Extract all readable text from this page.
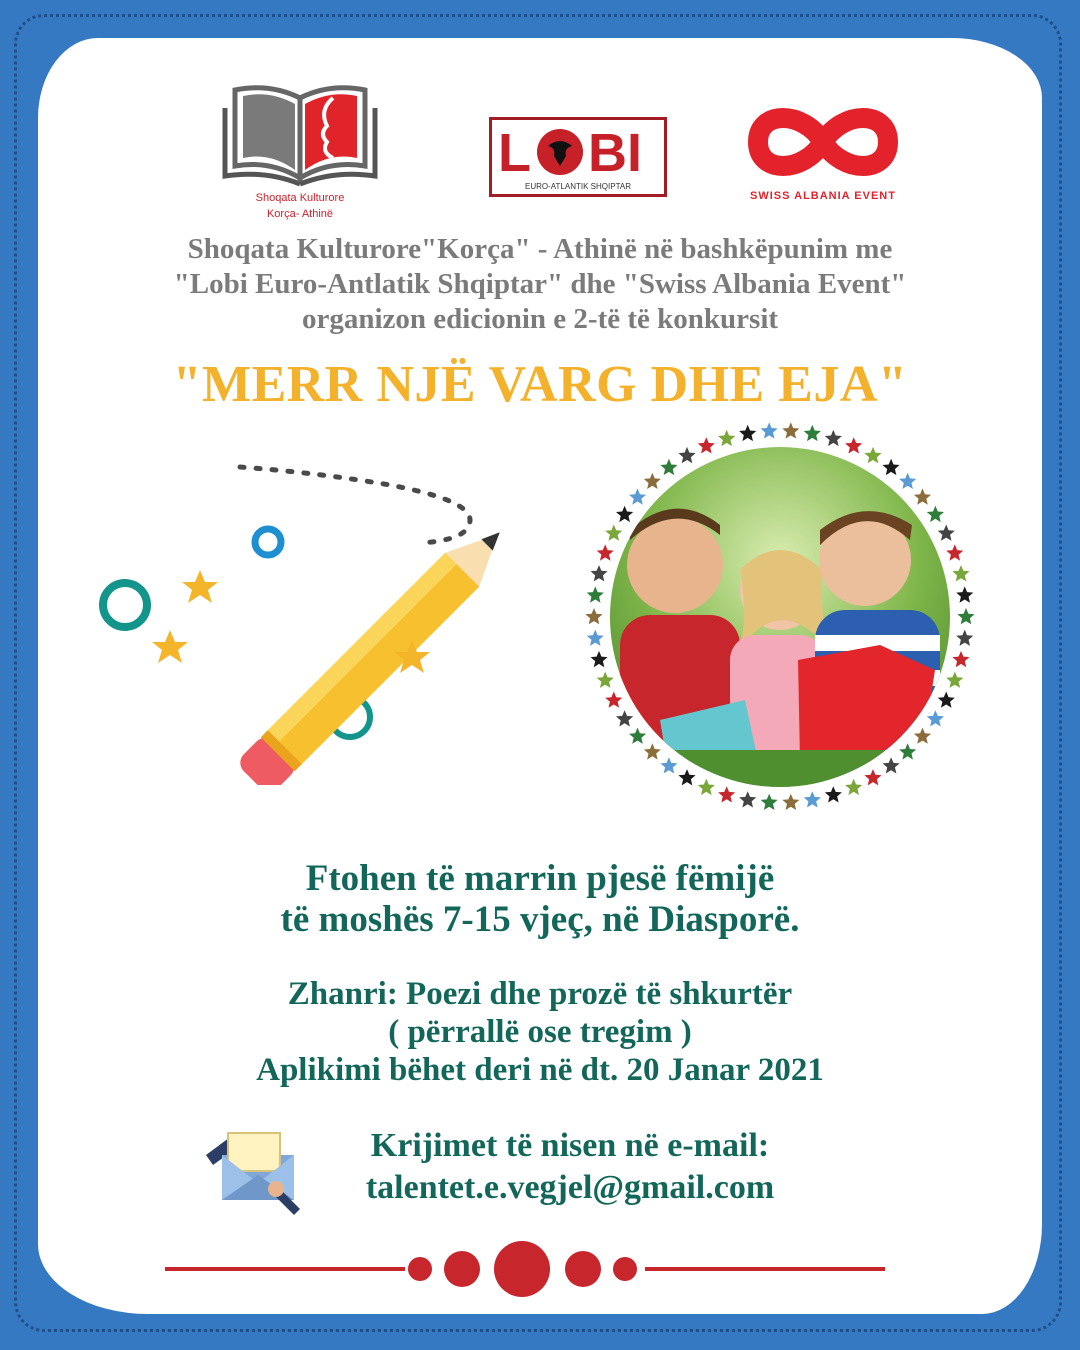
Shoqata Kulturore
Korça- Athinë
L BI
EURO-ATLANTIK SHQIPTAR
SWISS ALBANIA EVENT
Shoqata Kulturore"Korça" - Athinë në bashkëpunim me
"Lobi Euro-Antlatik Shqiptar" dhe "Swiss Albania Event"
organizon edicionin e 2-të të konkursit
"MERR NJË VARG DHE EJA"
Ftohen të marrin pjesë fëmijë
të moshës 7-15 vjeç, në Diasporë.
Zhanri: Poezi dhe prozë të shkurtër
( përrallë ose tregim )
Aplikimi bëhet deri në dt. 20 Janar 2021
Krijimet të nisen në e-mail:
talentet.e.vegjel@gmail.com
